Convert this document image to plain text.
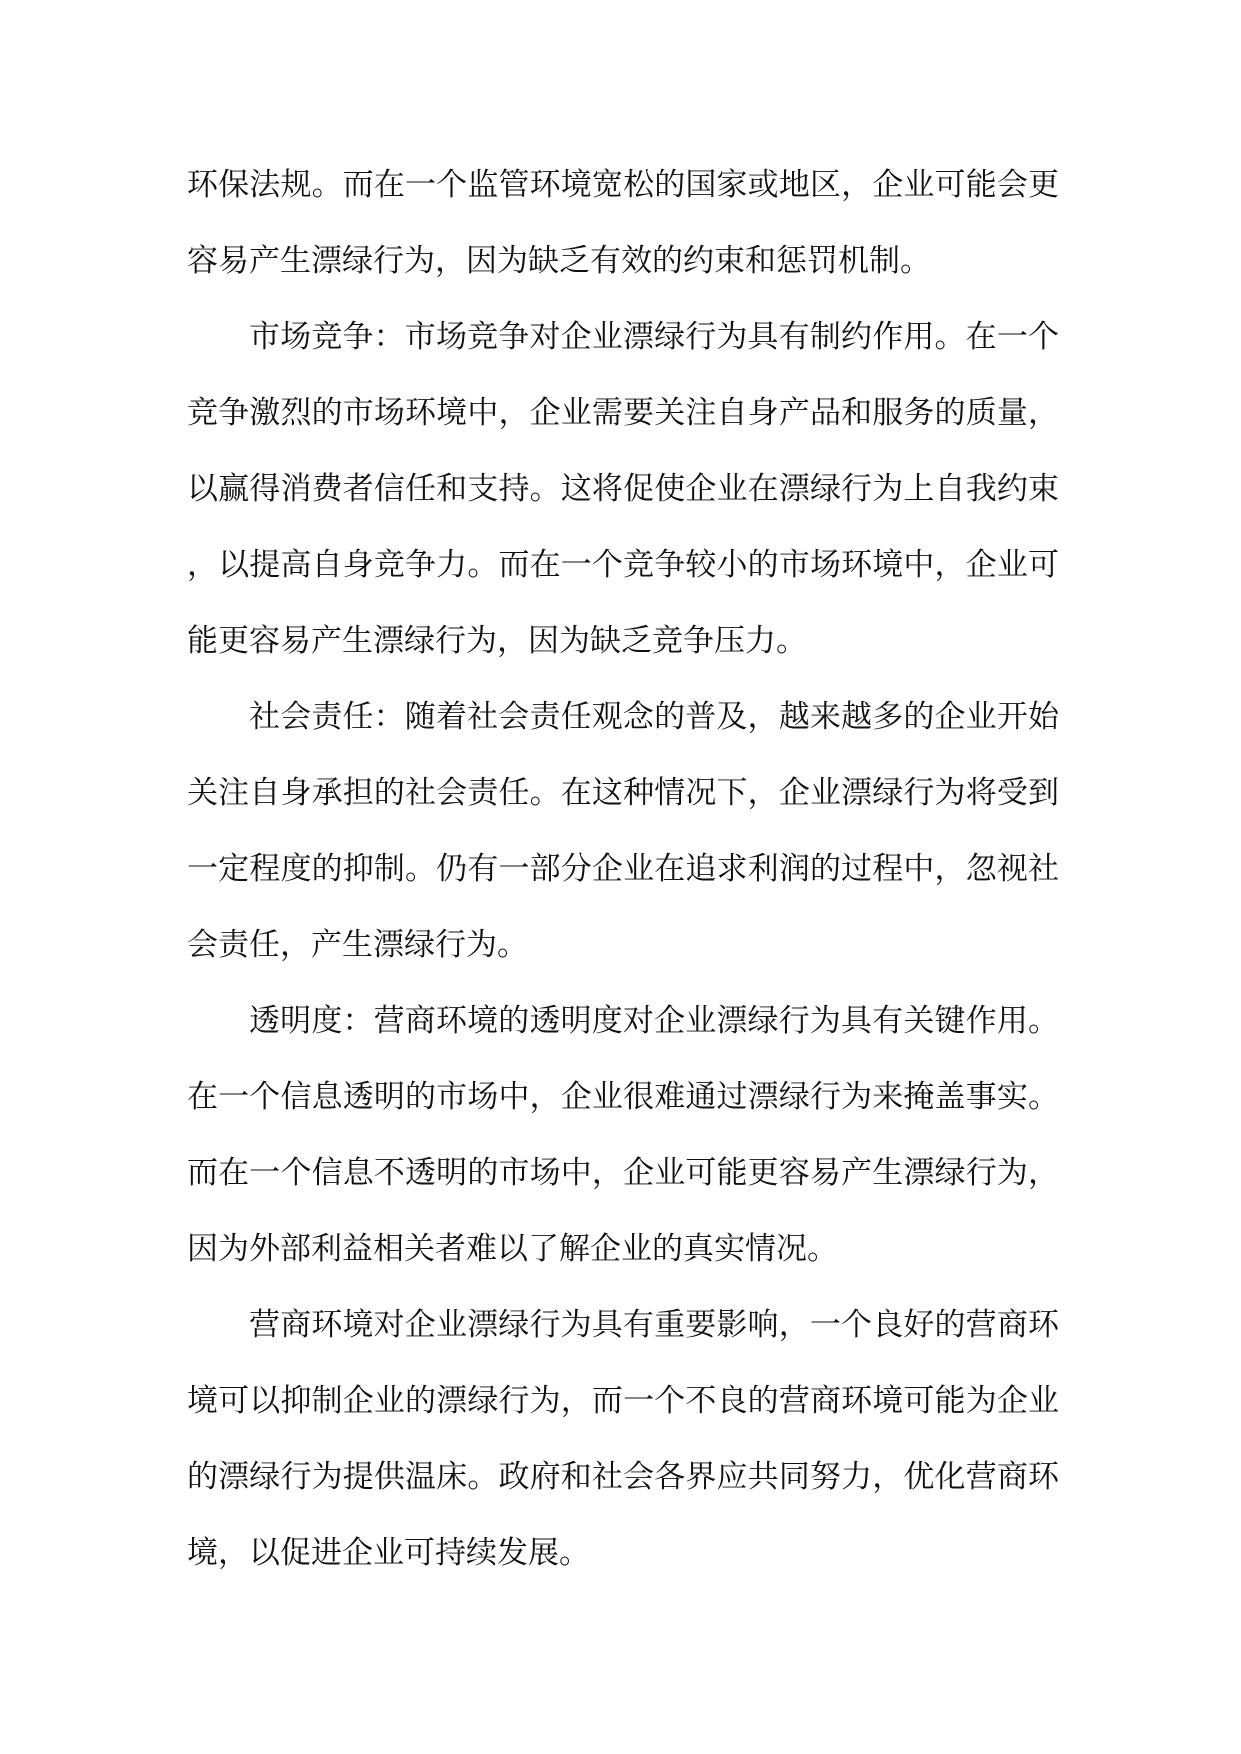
环保法规。而在一个监管环境宽松的国家或地区，企业可能会更容易产生漂绿行为，因为缺乏有效的约束和惩罚机制。

市场竞争：市场竞争对企业漂绿行为具有制约作用。在一个竞争激烈的市场环境中，企业需要关注自身产品和服务的质量，以赢得消费者信任和支持。这将促使企业在漂绿行为上自我约束，以提高自身竞争力。而在一个竞争较小的市场环境中，企业可能更容易产生漂绿行为，因为缺乏竞争压力。

社会责任：随着社会责任观念的普及，越来越多的企业开始关注自身承担的社会责任。在这种情况下，企业漂绿行为将受到一定程度的抑制。仍有一部分企业在追求利润的过程中，忽视社会责任，产生漂绿行为。

透明度：营商环境的透明度对企业漂绿行为具有关键作用。在一个信息透明的市场中，企业很难通过漂绿行为来掩盖事实。而在一个信息不透明的市场中，企业可能更容易产生漂绿行为，因为外部利益相关者难以了解企业的真实情况。

营商环境对企业漂绿行为具有重要影响，一个良好的营商环境可以抑制企业的漂绿行为，而一个不良的营商环境可能为企业的漂绿行为提供温床。政府和社会各界应共同努力，优化营商环境，以促进企业可持续发展。
